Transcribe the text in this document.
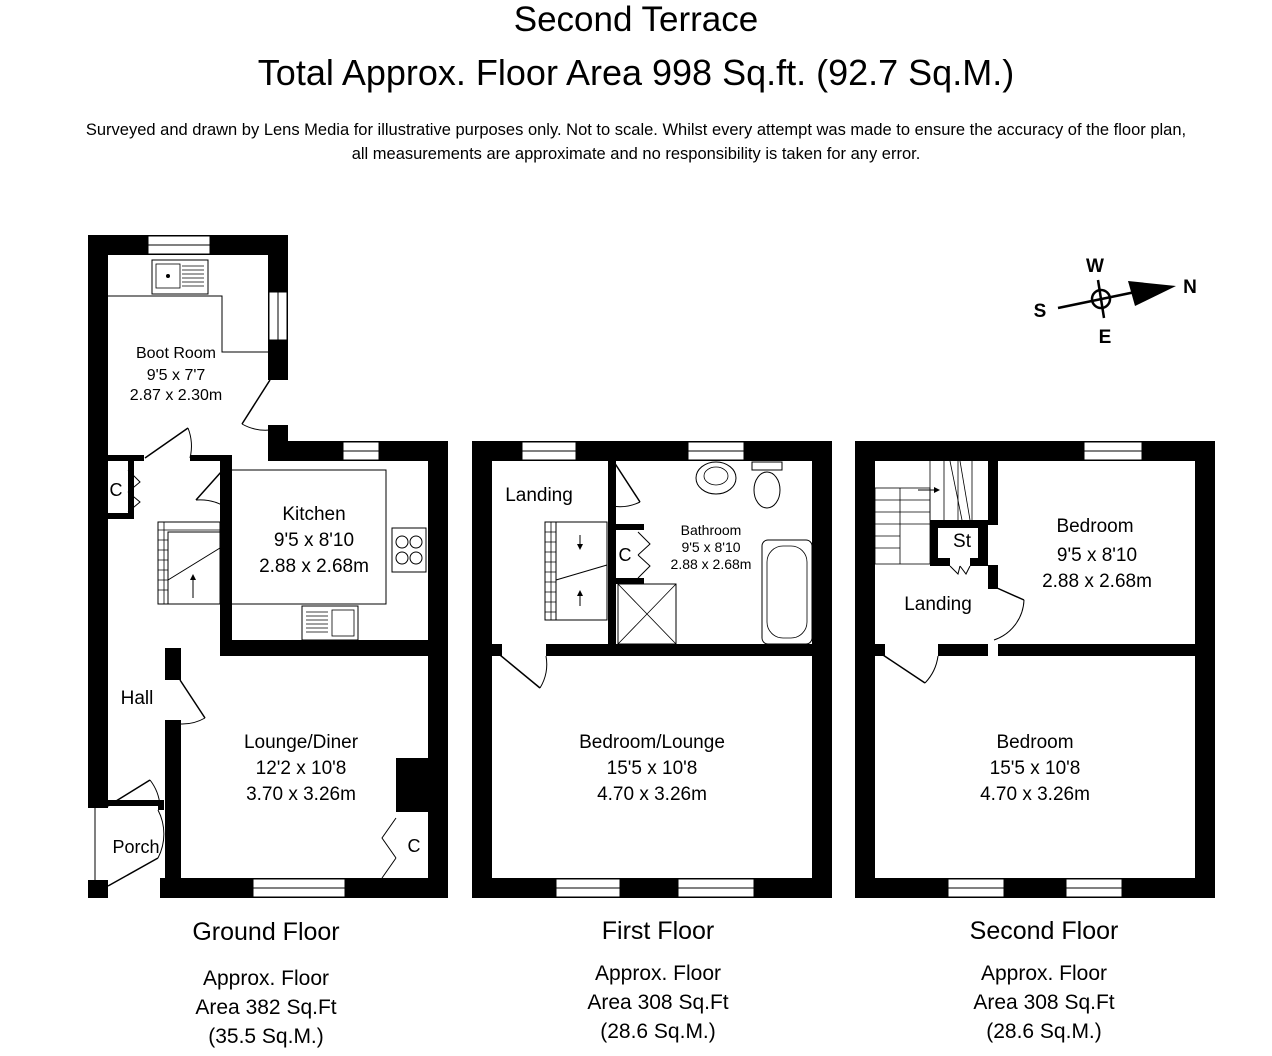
Second Terrace
Total Approx. Floor Area 998 Sq.ft. (92.7 Sq.M.)
Surveyed and drawn by Lens Media for illustrative purposes only. Not to scale. Whilst every attempt was made to ensure the accuracy of the floor plan,
all measurements are approximate and no responsibility is taken for any error.
W
S
N
E
Boot Room
9'5 x 7'7
2.87 x 2.30m
Kitchen
9'5 x 8'10
2.88 x 2.68m
Lounge/Diner
12'2 x 10'8
3.70 x 3.26m
Hall
Porch
C
C
Landing
Bathroom
9'5 x 8'10
2.88 x 2.68m
C
Bedroom/Lounge
15'5 x 10'8
4.70 x 3.26m
St
Landing
Bedroom
9'5 x 8'10
2.88 x 2.68m
Bedroom
15'5 x 10'8
4.70 x 3.26m
Ground Floor
Approx. Floor
Area 382 Sq.Ft
(35.5 Sq.M.)
First Floor
Approx. Floor
Area 308 Sq.Ft
(28.6 Sq.M.)
Second Floor
Approx. Floor
Area 308 Sq.Ft
(28.6 Sq.M.)
